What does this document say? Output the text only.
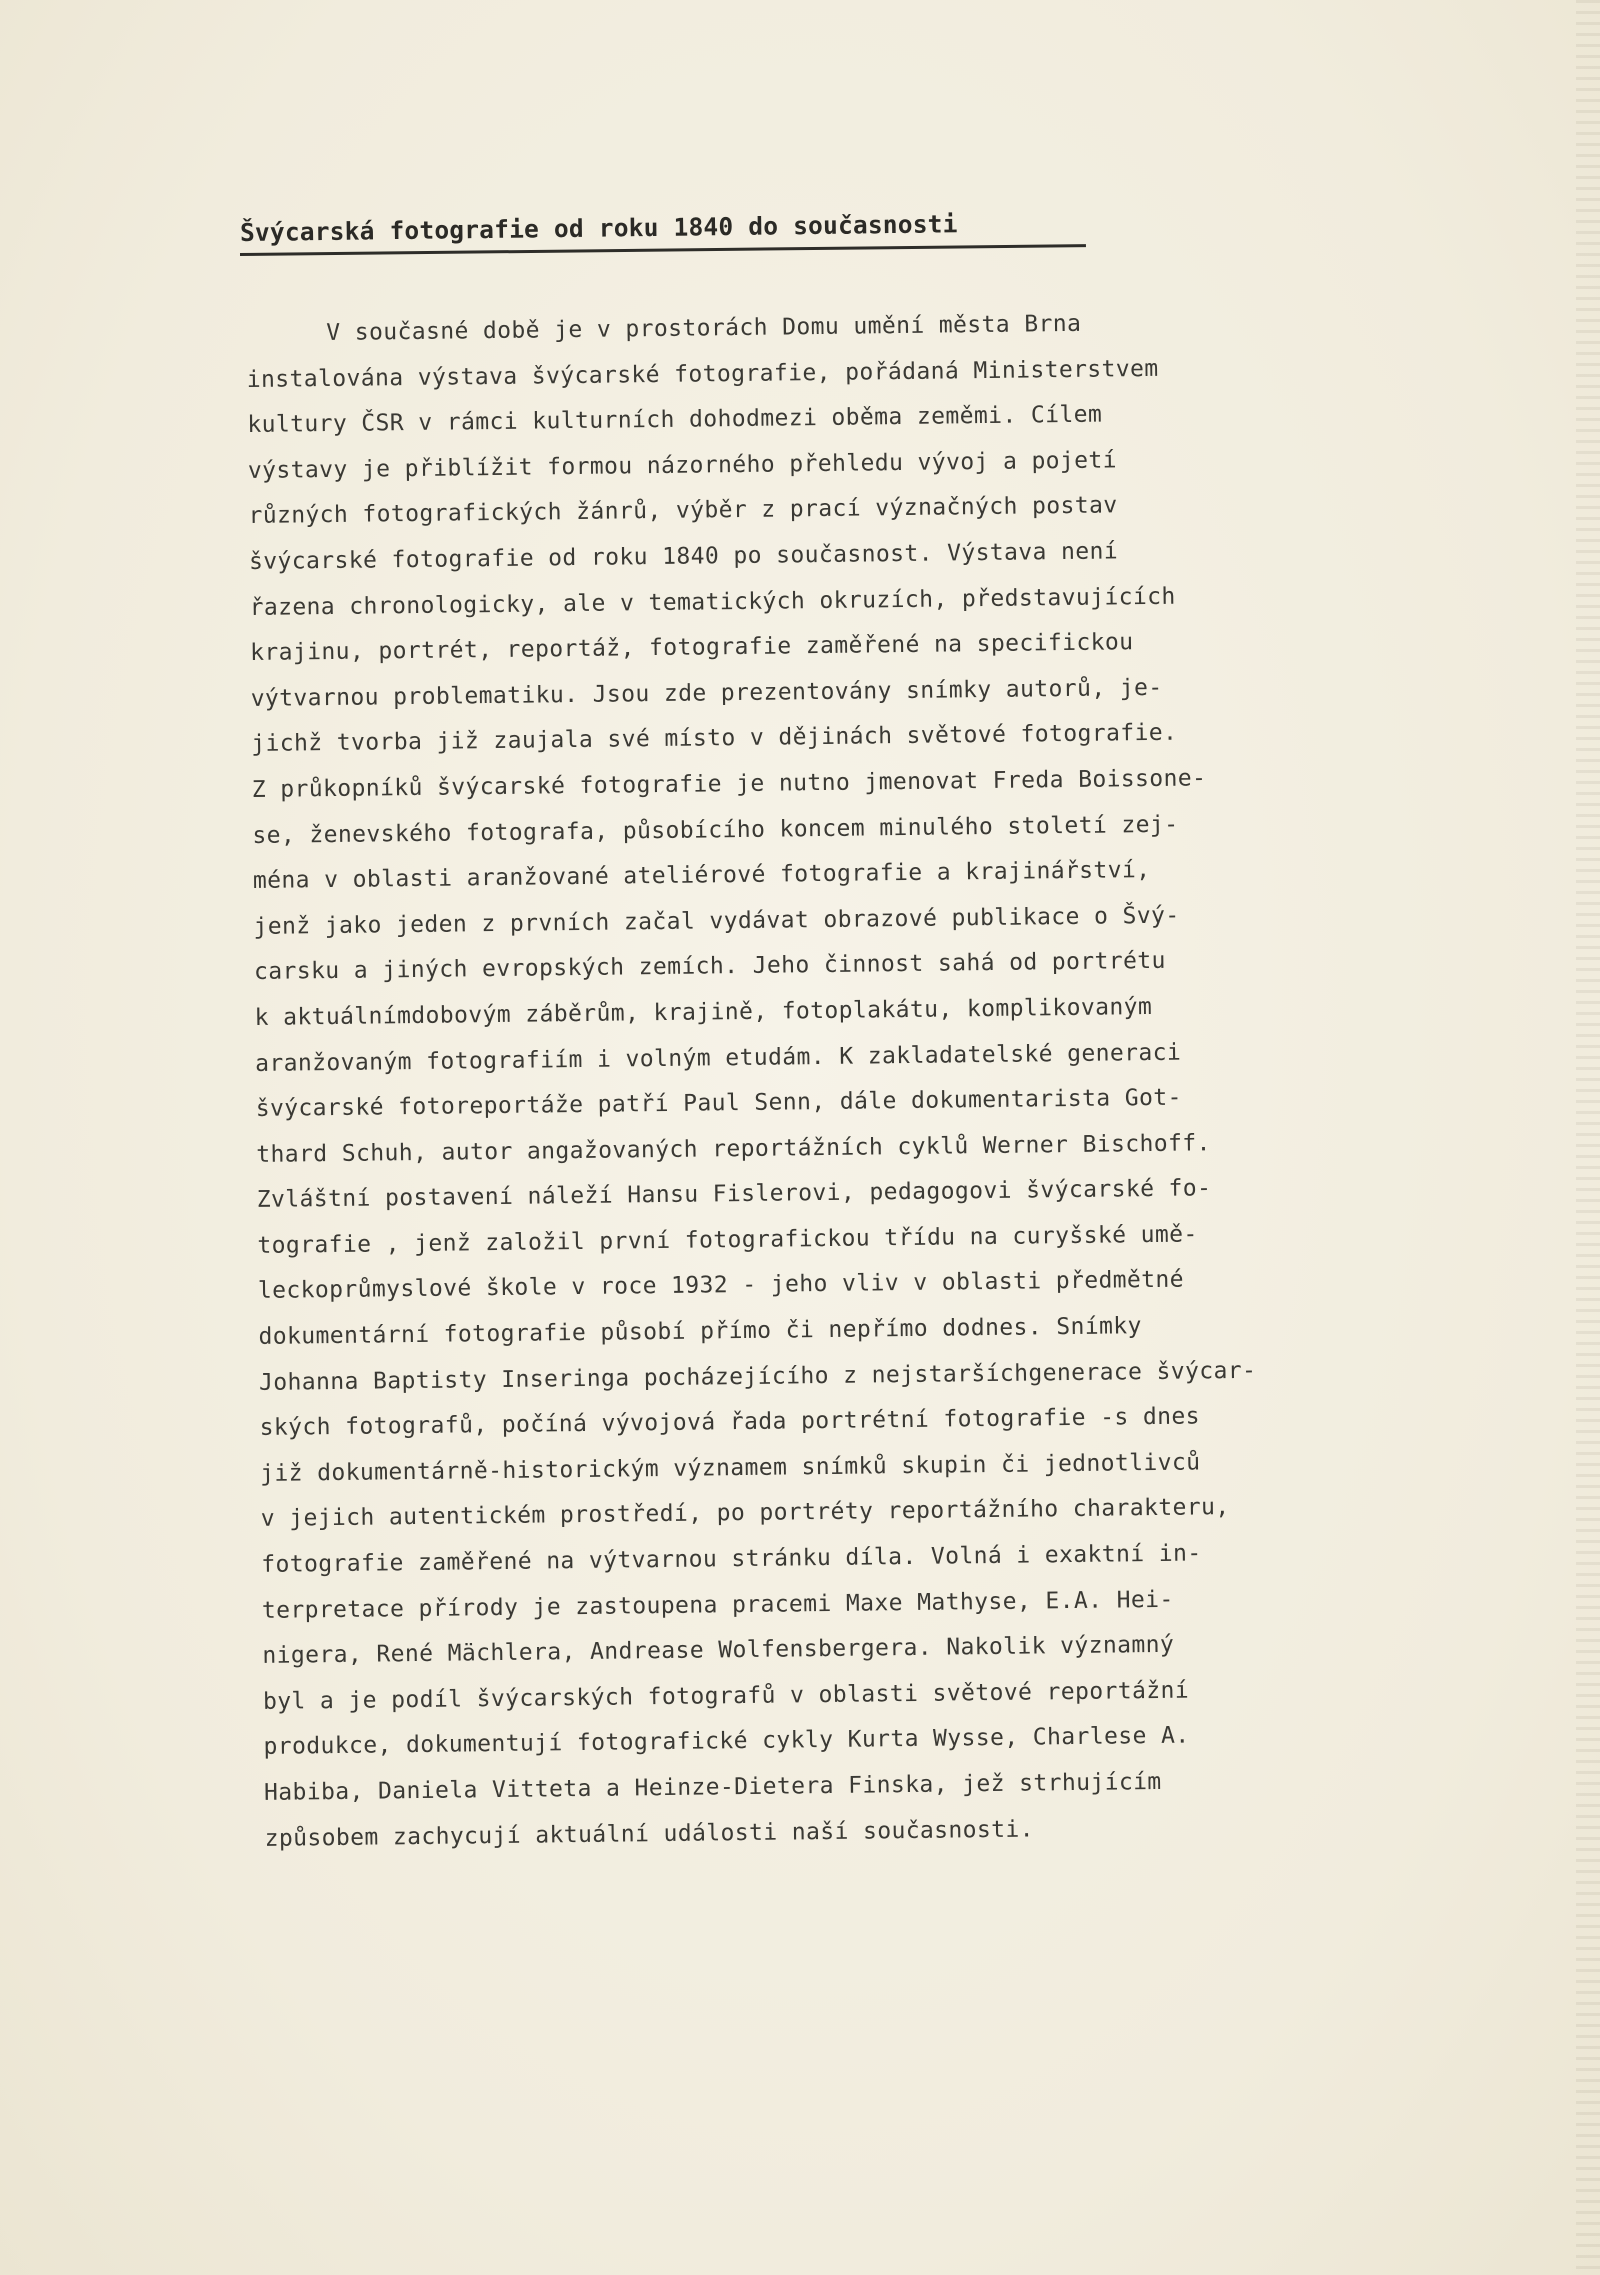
Švýcarská fotografie od roku 1840 do současnosti
V současné době je v prostorách Domu umění města Brna
instalována výstava švýcarské fotografie, pořádaná Ministerstvem
kultury ČSR v rámci kulturních dohodmezi oběma zeměmi. Cílem
výstavy je přiblížit formou názorného přehledu vývoj a pojetí
různých fotografických žánrů, výběr z prací význačných postav
švýcarské fotografie od roku 1840 po současnost. Výstava není
řazena chronologicky, ale v tematických okruzích, představujících
krajinu, portrét, reportáž, fotografie zaměřené na specifickou
výtvarnou problematiku. Jsou zde prezentovány snímky autorů, je-
jichž tvorba již zaujala své místo v dějinách světové fotografie.
Z průkopníků švýcarské fotografie je nutno jmenovat Freda Boissone-
se, ženevského fotografa, působícího koncem minulého století zej-
ména v oblasti aranžované ateliérové fotografie a krajinářství,
jenž jako jeden z prvních začal vydávat obrazové publikace o Švý-
carsku a jiných evropských zemích. Jeho činnost sahá od portrétu
k aktuálnímdobovým záběrům, krajině, fotoplakátu, komplikovaným
aranžovaným fotografiím i volným etudám. K zakladatelské generaci
švýcarské fotoreportáže patří Paul Senn, dále dokumentarista Got-
thard Schuh, autor angažovaných reportážních cyklů Werner Bischoff.
Zvláštní postavení náleží Hansu Fislerovi, pedagogovi švýcarské fo-
tografie , jenž založil první fotografickou třídu na curyšské umě-
leckoprůmyslové škole v roce 1932 - jeho vliv v oblasti předmětné
dokumentární fotografie působí přímo či nepřímo dodnes. Snímky
Johanna Baptisty Inseringa pocházejícího z nejstaršíchgenerace švýcar-
ských fotografů, počíná vývojová řada portrétní fotografie -s dnes
již dokumentárně-historickým významem snímků skupin či jednotlivců
v jejich autentickém prostředí, po portréty reportážního charakteru,
fotografie zaměřené na výtvarnou stránku díla. Volná i exaktní in-
terpretace přírody je zastoupena pracemi Maxe Mathyse, E.A. Hei-
nigera, René Mächlera, Andrease Wolfensbergera. Nakolik významný
byl a je podíl švýcarských fotografů v oblasti světové reportážní
produkce, dokumentují fotografické cykly Kurta Wysse, Charlese A.
Habiba, Daniela Vitteta a Heinze-Dietera Finska, jež strhujícím
způsobem zachycují aktuální události naší současnosti.
